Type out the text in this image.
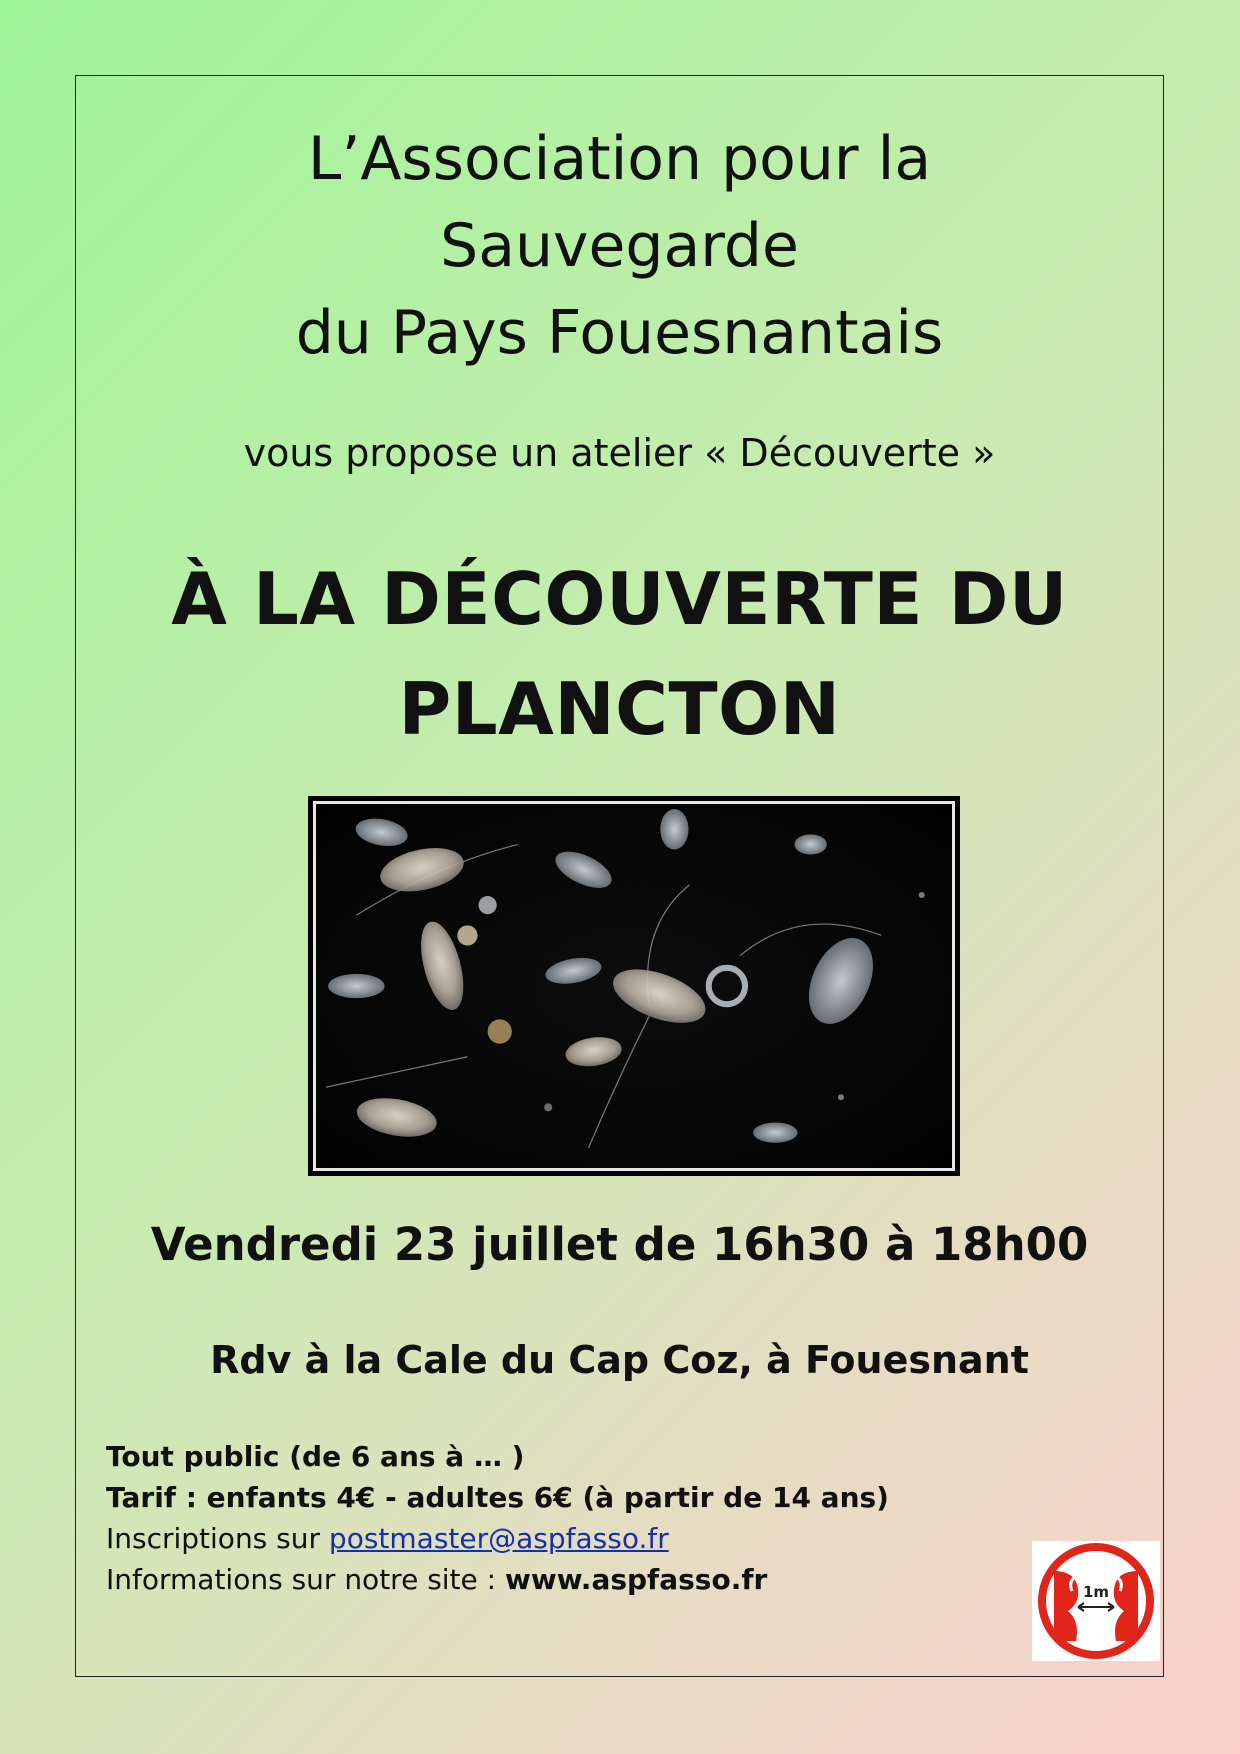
L’Association pour la
Sauvegarde
du Pays Fouesnantais
vous propose un atelier « Découverte »
À LA DÉCOUVERTE DU
PLANCTON
Vendredi 23 juillet de 16h30 à 18h00
Rdv à la Cale du Cap Coz, à Fouesnant
Tout public (de 6 ans à … )
Tarif : enfants 4€ - adultes 6€ (à partir de 14 ans)
Inscriptions sur postmaster@aspfasso.fr
Informations sur notre site : www.aspfasso.fr	1m
